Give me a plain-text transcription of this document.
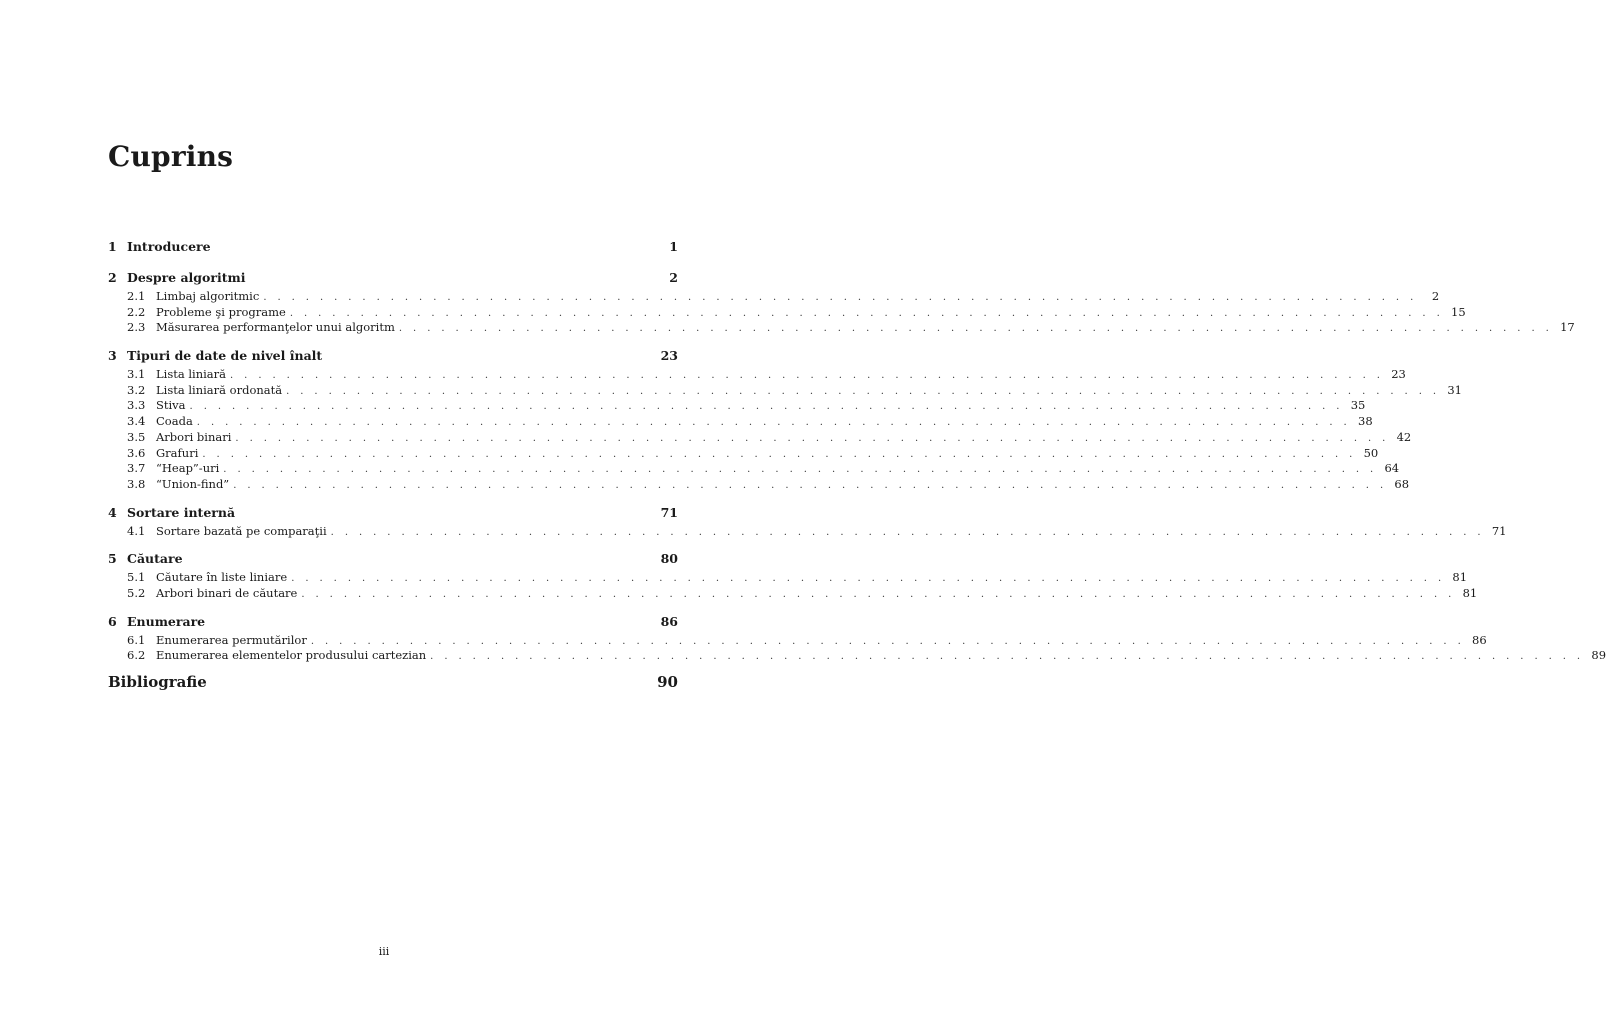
Cuprins
1 Introducere	1
2 Despre algoritmi	2
2.1 Limbaj algoritmic . . . . . . . . . . . . . . . . . . . . . . . . . . . . . . . . . . . . . . . . . . . . . . . . . . . . . . . . . . . . . . . . . . . . . . . . . . . . . . . . . .	2
2.2 Probleme şi programe . . . . . . . . . . . . . . . . . . . . . . . . . . . . . . . . . . . . . . . . . . . . . . . . . . . . . . . . . . . . . . . . . . . . . . . . . . . . . . . . . . 15
2.3 Măsurarea performanţelor unui algoritm . . . . . . . . . . . . . . . . . . . . . . . . . . . . . . . . . . . . . . . . . . . . . . . . . . . . . . . . . . . . . . . . . . . . . . . . . . . . . . . . . . 17
3 Tipuri de date de nivel înalt	23
3.1 Lista liniară . . . . . . . . . . . . . . . . . . . . . . . . . . . . . . . . . . . . . . . . . . . . . . . . . . . . . . . . . . . . . . . . . . . . . . . . . . . . . . . . . . 23
3.2 Lista liniară ordonată . . . . . . . . . . . . . . . . . . . . . . . . . . . . . . . . . . . . . . . . . . . . . . . . . . . . . . . . . . . . . . . . . . . . . . . . . . . . . . . . . . 31
3.3 Stiva . . . . . . . . . . . . . . . . . . . . . . . . . . . . . . . . . . . . . . . . . . . . . . . . . . . . . . . . . . . . . . . . . . . . . . . . . . . . . . . . . . 35
3.4 Coada . . . . . . . . . . . . . . . . . . . . . . . . . . . . . . . . . . . . . . . . . . . . . . . . . . . . . . . . . . . . . . . . . . . . . . . . . . . . . . . . . . 38
3.5 Arbori binari . . . . . . . . . . . . . . . . . . . . . . . . . . . . . . . . . . . . . . . . . . . . . . . . . . . . . . . . . . . . . . . . . . . . . . . . . . . . . . . . . . 42
3.6 Grafuri . . . . . . . . . . . . . . . . . . . . . . . . . . . . . . . . . . . . . . . . . . . . . . . . . . . . . . . . . . . . . . . . . . . . . . . . . . . . . . . . . . 50
3.7 “Heap”-uri . . . . . . . . . . . . . . . . . . . . . . . . . . . . . . . . . . . . . . . . . . . . . . . . . . . . . . . . . . . . . . . . . . . . . . . . . . . . . . . . . . 64
3.8 “Union-find” . . . . . . . . . . . . . . . . . . . . . . . . . . . . . . . . . . . . . . . . . . . . . . . . . . . . . . . . . . . . . . . . . . . . . . . . . . . . . . . . . . 68
4 Sortare internă	71
4.1 Sortare bazată pe comparaţii . . . . . . . . . . . . . . . . . . . . . . . . . . . . . . . . . . . . . . . . . . . . . . . . . . . . . . . . . . . . . . . . . . . . . . . . . . . . . . . . . . 71
5 Căutare	80
5.1 Căutare în liste liniare . . . . . . . . . . . . . . . . . . . . . . . . . . . . . . . . . . . . . . . . . . . . . . . . . . . . . . . . . . . . . . . . . . . . . . . . . . . . . . . . . . 81
5.2 Arbori binari de căutare . . . . . . . . . . . . . . . . . . . . . . . . . . . . . . . . . . . . . . . . . . . . . . . . . . . . . . . . . . . . . . . . . . . . . . . . . . . . . . . . . . 81
6 Enumerare	86
6.1 Enumerarea permutărilor . . . . . . . . . . . . . . . . . . . . . . . . . . . . . . . . . . . . . . . . . . . . . . . . . . . . . . . . . . . . . . . . . . . . . . . . . . . . . . . . . . 86
6.2 Enumerarea elementelor produsului cartezian . . . . . . . . . . . . . . . . . . . . . . . . . . . . . . . . . . . . . . . . . . . . . . . . . . . . . . . . . . . . . . . . . . . . . . . . . . . . . . . . . . 89
Bibliografie	90
iii
